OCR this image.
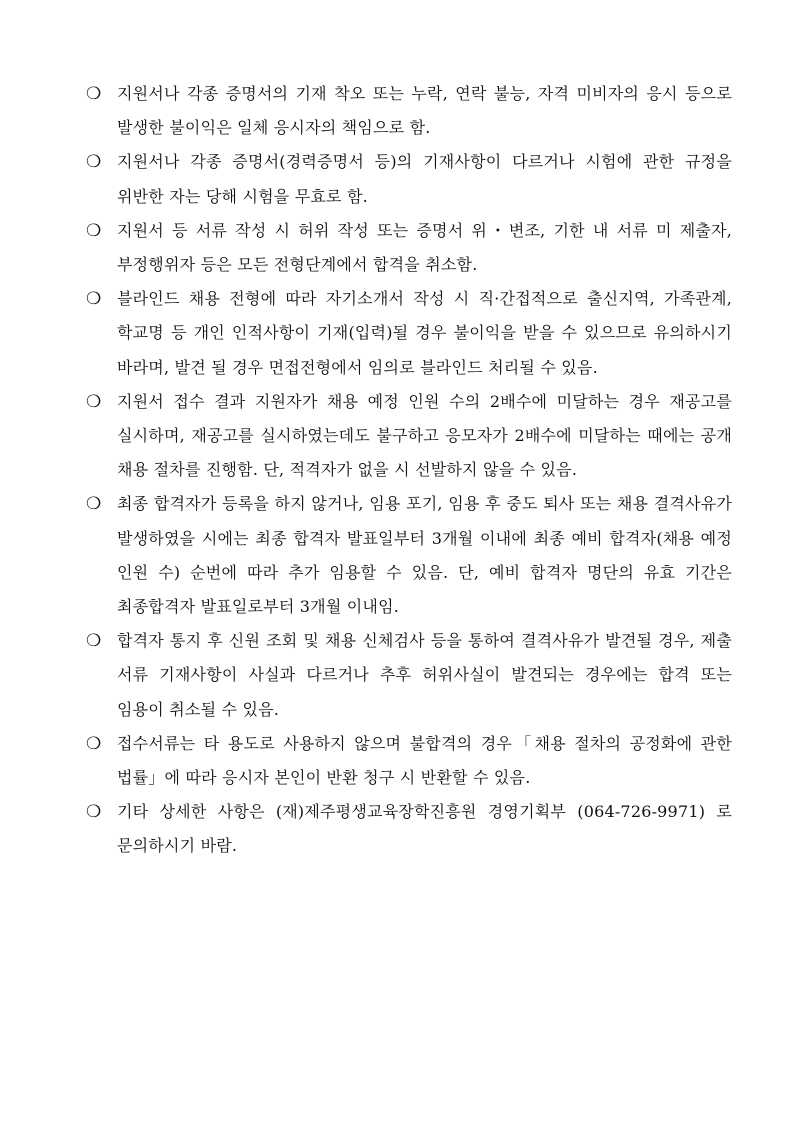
❍ 지원서나 각종 증명서의 기재 착오 또는 누락, 연락 불능, 자격 미비자의 응시 등으로 발생한 불이익은 일체 응시자의 책임으로 함.
❍ 지원서나 각종 증명서(경력증명서 등)의 기재사항이 다르거나 시험에 관한 규정을 위반한 자는 당해 시험을 무효로 함.
❍ 지원서 등 서류 작성 시 허위 작성 또는 증명서 위・변조, 기한 내 서류 미 제출자, 부정행위자 등은 모든 전형단계에서 합격을 취소함.
❍ 블라인드 채용 전형에 따라 자기소개서 작성 시 직·간접적으로 출신지역, 가족관계, 학교명 등 개인 인적사항이 기재(입력)될 경우 불이익을 받을 수 있으므로 유의하시기 바라며, 발견 될 경우 면접전형에서 임의로 블라인드 처리될 수 있음.
❍ 지원서 접수 결과 지원자가 채용 예정 인원 수의 2배수에 미달하는 경우 재공고를 실시하며, 재공고를 실시하였는데도 불구하고 응모자가 2배수에 미달하는 때에는 공개 채용 절차를 진행함. 단, 적격자가 없을 시 선발하지 않을 수 있음.
❍ 최종 합격자가 등록을 하지 않거나, 임용 포기, 임용 후 중도 퇴사 또는 채용 결격사유가 발생하였을 시에는 최종 합격자 발표일부터 3개월 이내에 최종 예비 합격자(채용 예정 인원 수) 순번에 따라 추가 임용할 수 있음. 단, 예비 합격자 명단의 유효 기간은 최종합격자 발표일로부터 3개월 이내임.
❍ 합격자 통지 후 신원 조회 및 채용 신체검사 등을 통하여 결격사유가 발견될 경우, 제출 서류 기재사항이 사실과 다르거나 추후 허위사실이 발견되는 경우에는 합격 또는 임용이 취소될 수 있음.
❍ 접수서류는 타 용도로 사용하지 않으며 불합격의 경우「채용 절차의 공정화에 관한 법률」에 따라 응시자 본인이 반환 청구 시 반환할 수 있음.
❍ 기타 상세한 사항은 (재)제주평생교육장학진흥원 경영기획부 (064-726-9971) 로 문의하시기 바람.
